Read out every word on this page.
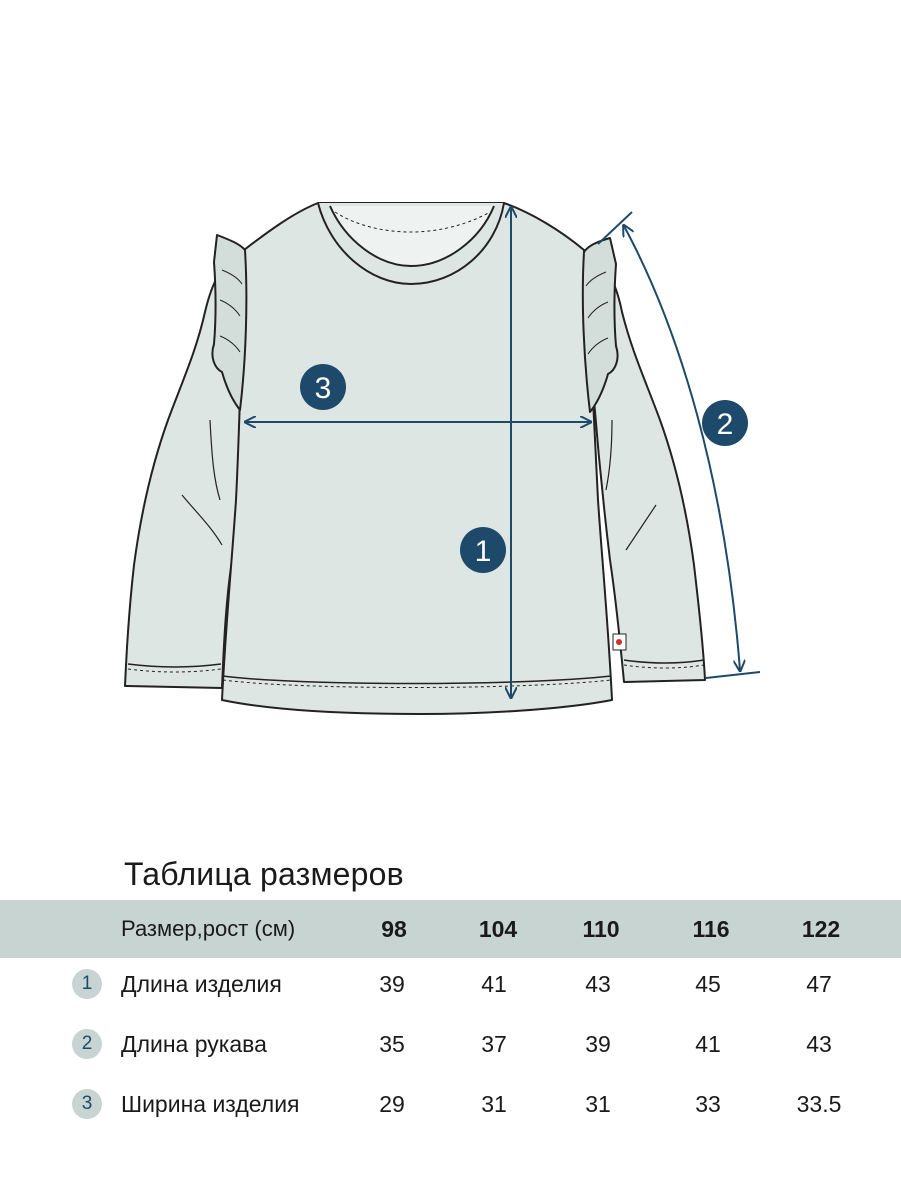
1
2
3
Таблица размеров
Размер,рост (см)	98	104	110	116	122
1	Длина изделия	39	41	43	45	47
2	Длина рукава	35	37	39	41	43
3	Ширина изделия	29	31	31	33	33.5
